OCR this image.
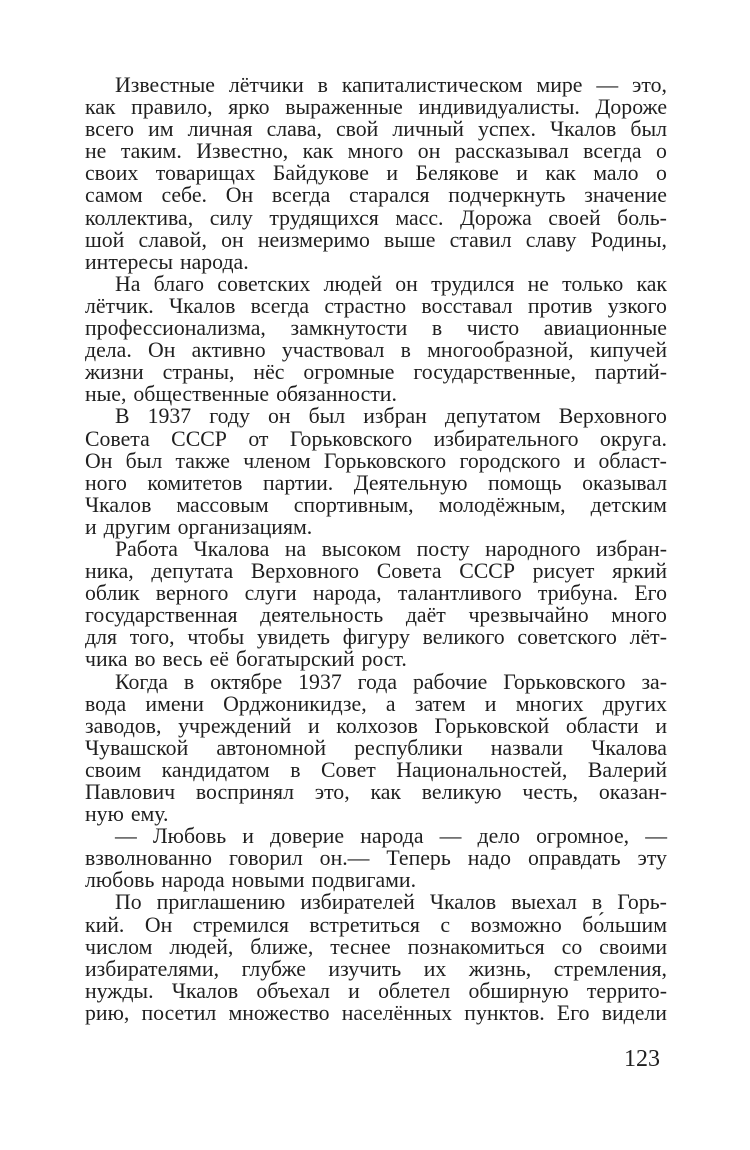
Известные лётчики в капиталистическом мире — это,
как правило, ярко выраженные индивидуалисты. Дороже
всего им личная слава, свой личный успех. Чкалов был
не таким. Известно, как много он рассказывал всегда о
своих товарищах Байдукове и Белякове и как мало о
самом себе. Он всегда старался подчеркнуть значение
коллектива, силу трудящихся масс. Дорожа своей боль-
шой славой, он неизмеримо выше ставил славу Родины,
интересы народа.
На благо советских людей он трудился не только как
лётчик. Чкалов всегда страстно восставал против узкого
профессионализма, замкнутости в чисто авиационные
дела. Он активно участвовал в многообразной, кипучей
жизни страны, нёс огромные государственные, партий-
ные, общественные обязанности.
В 1937 году он был избран депутатом Верховного
Совета СССР от Горьковского избирательного округа.
Он был также членом Горьковского городского и област-
ного комитетов партии. Деятельную помощь оказывал
Чкалов массовым спортивным, молодёжным, детским
и другим организациям.
Работа Чкалова на высоком посту народного избран-
ника, депутата Верховного Совета СССР рисует яркий
облик верного слуги народа, талантливого трибуна. Его
государственная деятельность даёт чрезвычайно много
для того, чтобы увидеть фигуру великого советского лёт-
чика во весь её богатырский рост.
Когда в октябре 1937 года рабочие Горьковского за-
вода имени Орджоникидзе, а затем и многих других
заводов, учреждений и колхозов Горьковской области и
Чувашской автономной республики назвали Чкалова
своим кандидатом в Совет Национальностей, Валерий
Павлович воспринял это, как великую честь, оказан-
ную ему.
— Любовь и доверие народа — дело огромное, —
взволнованно говорил он.— Теперь надо оправдать эту
любовь народа новыми подвигами.
По приглашению избирателей Чкалов выехал в Горь-
кий. Он стремился встретиться с возможно бо́льшим
числом людей, ближе, теснее познакомиться со своими
избирателями, глубже изучить их жизнь, стремления,
нужды. Чкалов объехал и облетел обширную террито-
рию, посетил множество населённых пунктов. Его видели
123
